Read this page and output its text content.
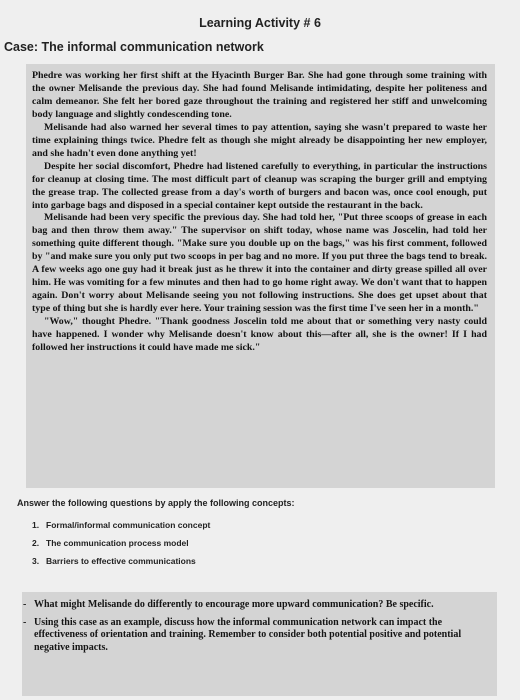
Learning Activity # 6
Case: The informal communication network

Phedre was working her first shift at the Hyacinth Burger Bar. She had gone through some training with the owner Melisande the previous day. She had found Melisande intimidating, despite her politeness and calm demeanor. She felt her bored gaze throughout the training and registered her stiff and unwelcoming body language and slightly condescending tone.

Melisande had also warned her several times to pay attention, saying she wasn't prepared to waste her time explaining things twice. Phedre felt as though she might already be disappointing her new employer, and she hadn't even done anything yet!

Despite her social discomfort, Phedre had listened carefully to everything, in particular the instructions for cleanup at closing time. The most difficult part of cleanup was scraping the burger grill and emptying the grease trap. The collected grease from a day's worth of burgers and bacon was, once cool enough, put into garbage bags and disposed in a special container kept outside the restaurant in the back.

Melisande had been very specific the previous day. She had told her, "Put three scoops of grease in each bag and then throw them away." The supervisor on shift today, whose name was Joscelin, had told her something quite different though. "Make sure you double up on the bags," was his first comment, followed by "and make sure you only put two scoops in per bag and no more. If you put three the bags tend to break. A few weeks ago one guy had it break just as he threw it into the container and dirty grease spilled all over him. He was vomiting for a few minutes and then had to go home right away. We don't want that to happen again. Don't worry about Melisande seeing you not following instructions. She does get upset about that type of thing but she is hardly ever here. Your training session was the first time I've seen her in a month."

"Wow," thought Phedre. "Thank goodness Joscelin told me about that or something very nasty could have happened. I wonder why Melisande doesn't know about this—after all, she is the owner! If I had followed her instructions it could have made me sick."

Answer the following questions by apply the following concepts:
1. Formal/informal communication concept
2. The communication process model
3. Barriers to effective communications
- What might Melisande do differently to encourage more upward communication? Be specific.
- Using this case as an example, discuss how the informal communication network can impact the effectiveness of orientation and training. Remember to consider both potential positive and potential negative impacts.
